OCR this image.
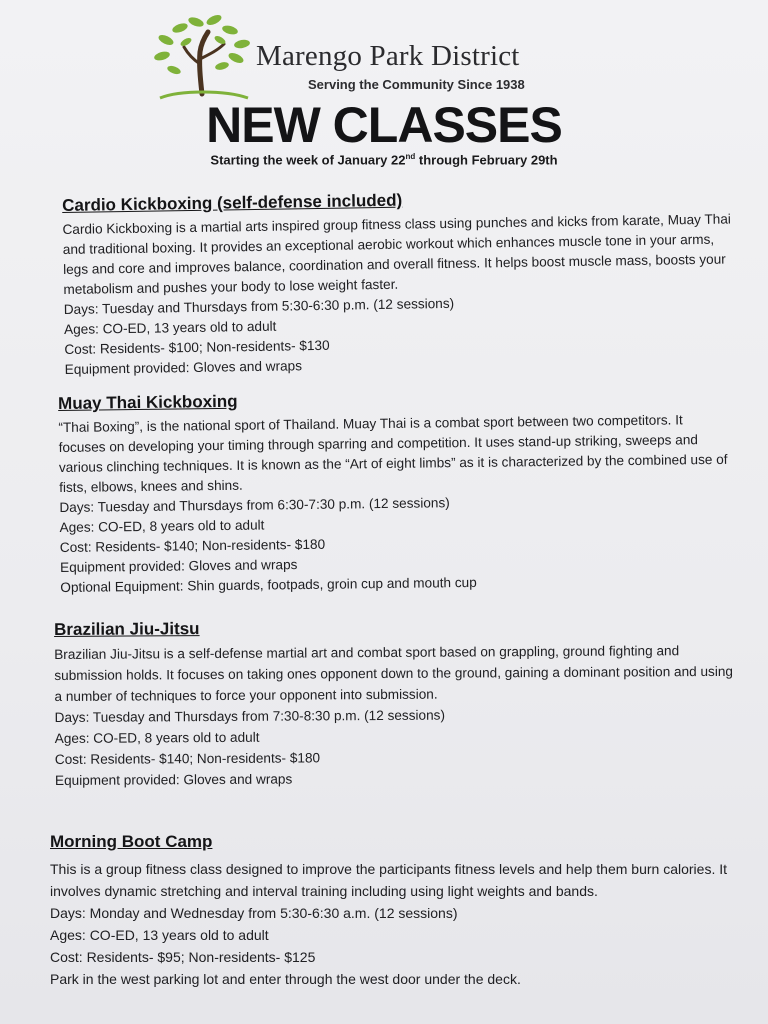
Marengo Park District
Serving the Community Since 1938
NEW CLASSES
Starting the week of January 22nd through February 29th
Cardio Kickboxing (self-defense included)

Cardio Kickboxing is a martial arts inspired group fitness class using punches and kicks from karate, Muay Thai and traditional boxing. It provides an exceptional aerobic workout which enhances muscle tone in your arms, legs and core and improves balance, coordination and overall fitness. It helps boost muscle mass, boosts your metabolism and pushes your body to lose weight faster.

Days: Tuesday and Thursdays from 5:30-6:30 p.m. (12 sessions)
Ages: CO-ED, 13 years old to adult
Cost: Residents- $100; Non-residents- $130
Equipment provided: Gloves and wraps
Muay Thai Kickboxing

“Thai Boxing”, is the national sport of Thailand. Muay Thai is a combat sport between two competitors. It focuses on developing your timing through sparring and competition. It uses stand-up striking, sweeps and various clinching techniques. It is known as the “Art of eight limbs” as it is characterized by the combined use of fists, elbows, knees and shins.

Days: Tuesday and Thursdays from 6:30-7:30 p.m. (12 sessions)
Ages: CO-ED, 8 years old to adult
Cost: Residents- $140; Non-residents- $180
Equipment provided: Gloves and wraps
Optional Equipment: Shin guards, footpads, groin cup and mouth cup
Brazilian Jiu-Jitsu

Brazilian Jiu-Jitsu is a self-defense martial art and combat sport based on grappling, ground fighting and submission holds. It focuses on taking ones opponent down to the ground, gaining a dominant position and using a number of techniques to force your opponent into submission.

Days: Tuesday and Thursdays from 7:30-8:30 p.m. (12 sessions)
Ages: CO-ED, 8 years old to adult
Cost: Residents- $140; Non-residents- $180
Equipment provided: Gloves and wraps
Morning Boot Camp

This is a group fitness class designed to improve the participants fitness levels and help them burn calories. It involves dynamic stretching and interval training including using light weights and bands.

Days: Monday and Wednesday from 5:30-6:30 a.m. (12 sessions)
Ages: CO-ED, 13 years old to adult
Cost: Residents- $95; Non-residents- $125
Park in the west parking lot and enter through the west door under the deck.
